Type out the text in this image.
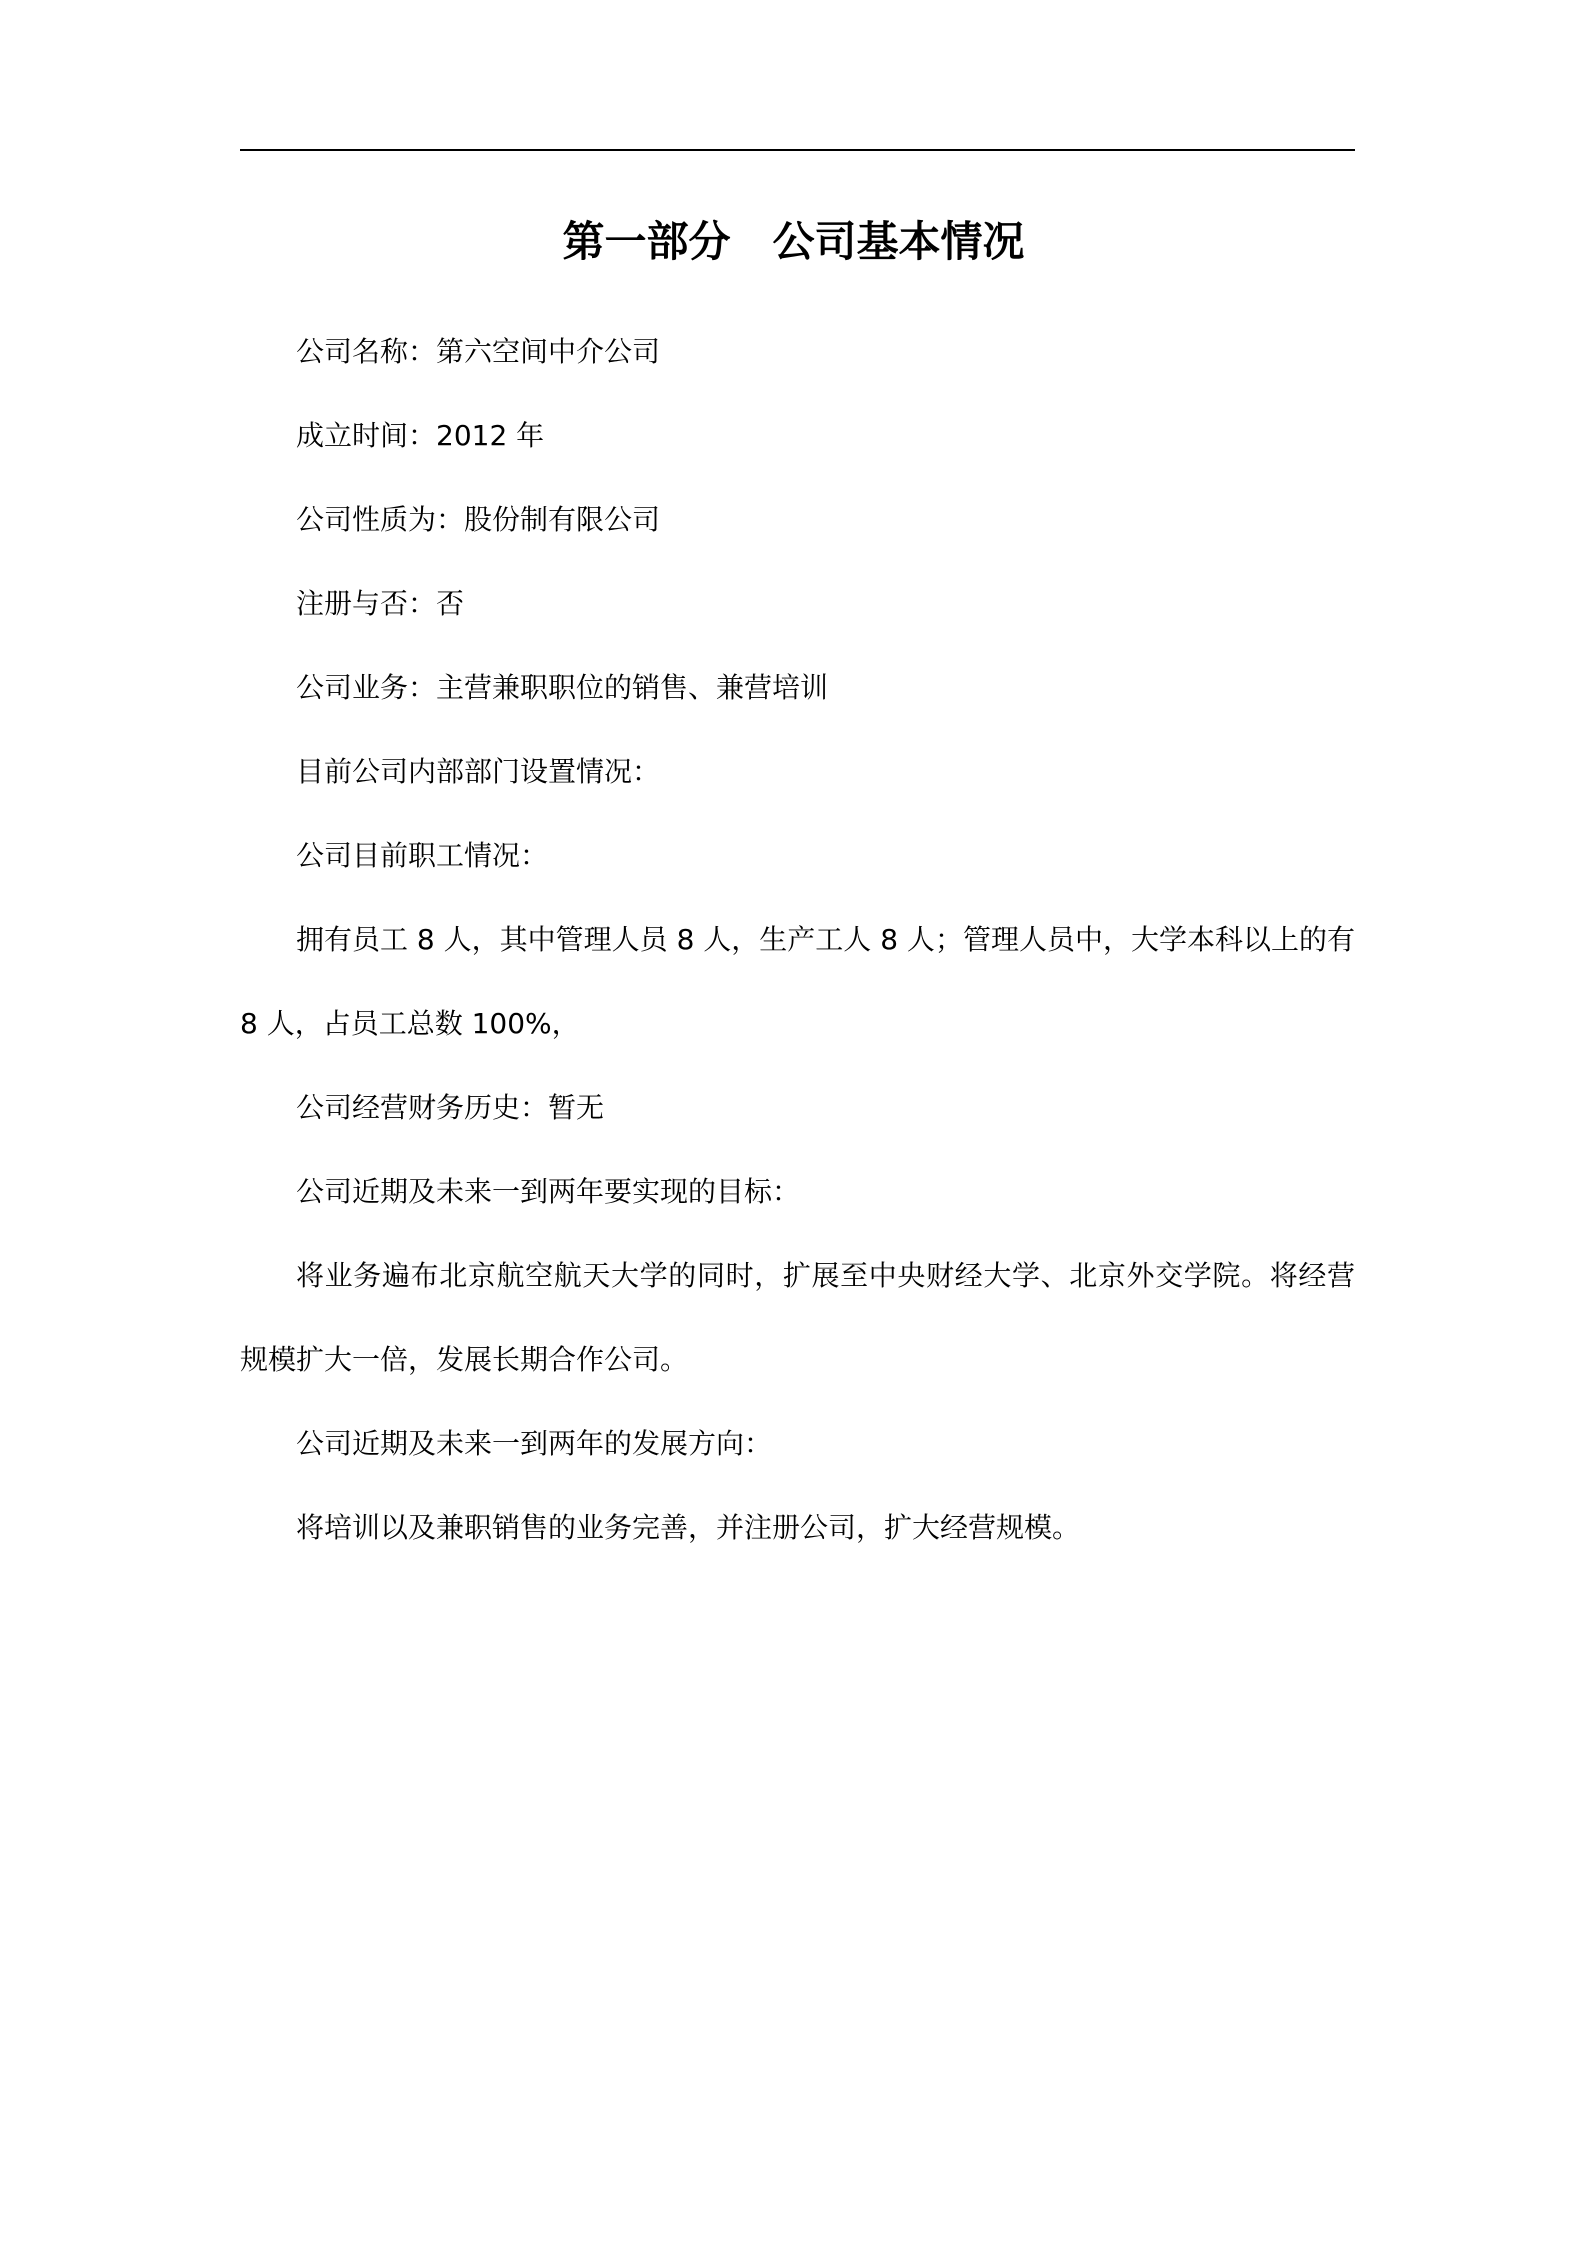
第一部分　公司基本情况

公司名称：第六空间中介公司

成立时间：2012 年

公司性质为：股份制有限公司

注册与否：否

公司业务：主营兼职职位的销售、兼营培训

目前公司内部部门设置情况：

公司目前职工情况：

拥有员工 8 人，其中管理人员 8 人，生产工人 8 人；管理人员中，大学本科以上的有 8 人，占员工总数 100%，

公司经营财务历史：暂无

公司近期及未来一到两年要实现的目标：

将业务遍布北京航空航天大学的同时，扩展至中央财经大学、北京外交学院。将经营规模扩大一倍，发展长期合作公司。

公司近期及未来一到两年的发展方向：

将培训以及兼职销售的业务完善，并注册公司，扩大经营规模。
